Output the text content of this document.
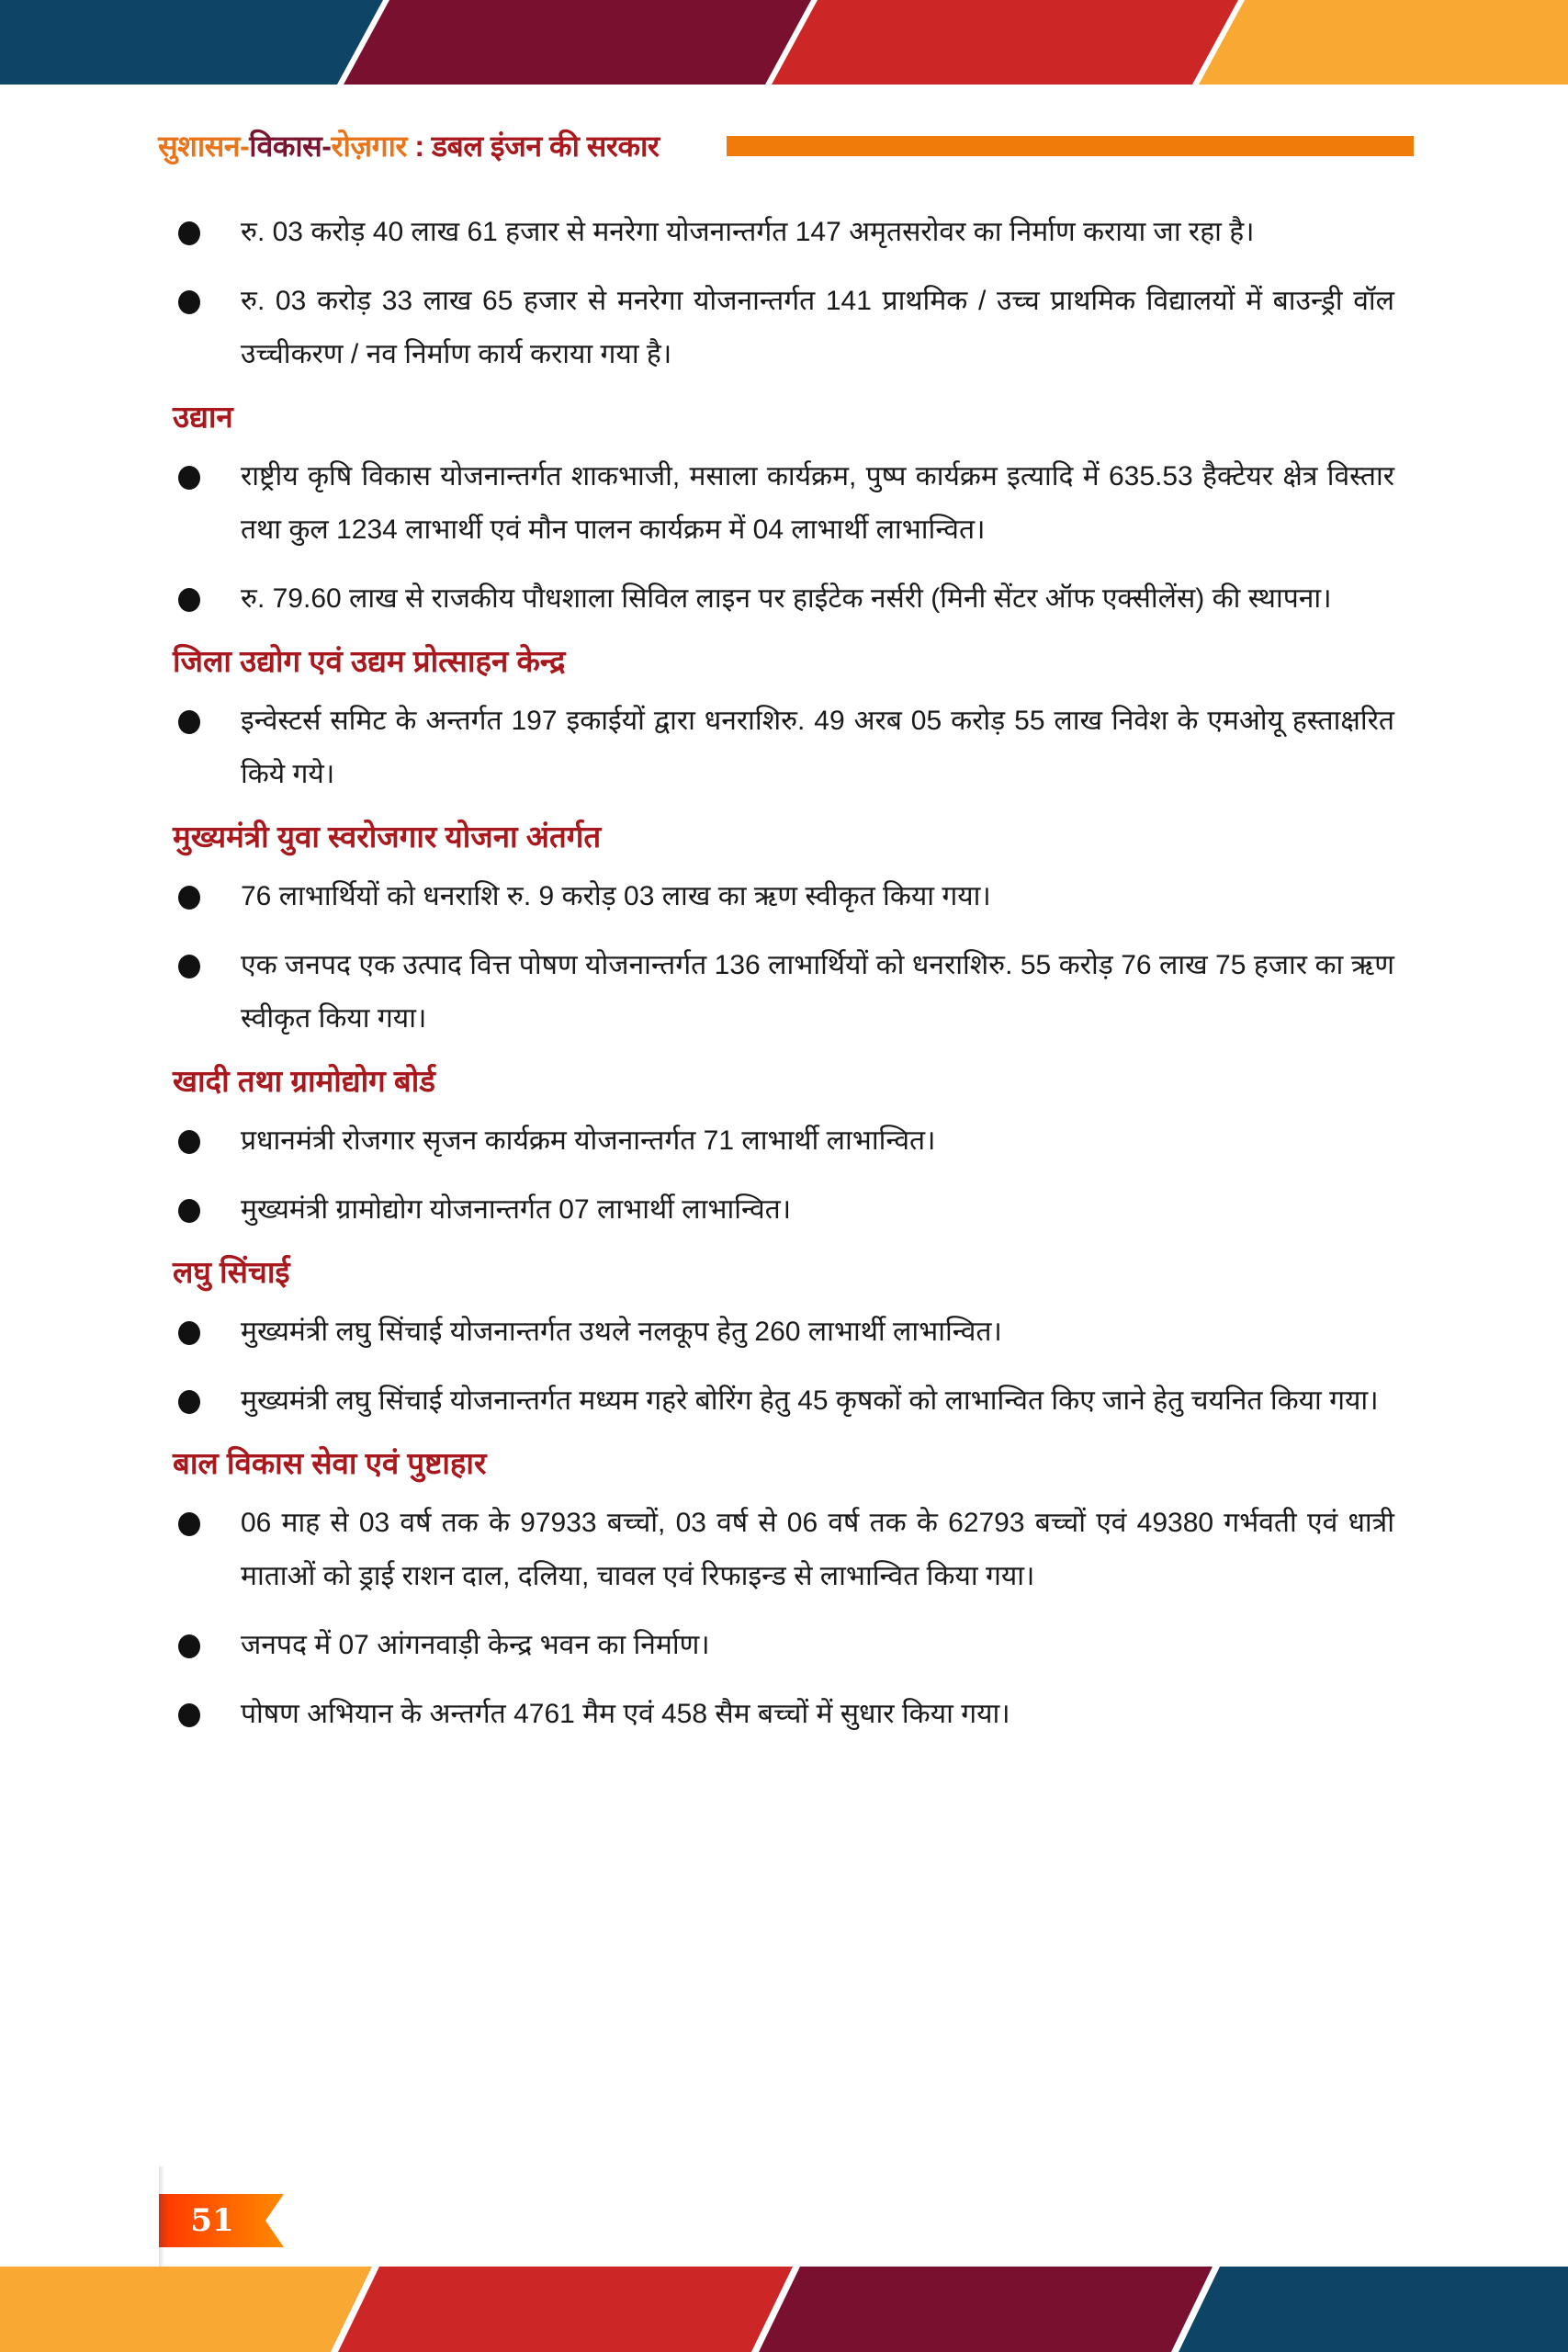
सुशासन-विकास-रोज़गार : डबल इंजन की सरकार
रु. 03 करोड़ 40 लाख 61 हजार से मनरेगा योजनान्तर्गत 147 अमृतसरोवर का निर्माण कराया जा रहा है।
रु. 03 करोड़ 33 लाख 65 हजार से मनरेगा योजनान्तर्गत 141 प्राथमिक / उच्च प्राथमिक विद्यालयों में बाउन्ड्री वॉल उच्चीकरण / नव निर्माण कार्य कराया गया है।
उद्यान
राष्ट्रीय कृषि विकास योजनान्तर्गत शाकभाजी, मसाला कार्यक्रम, पुष्प कार्यक्रम इत्यादि में 635.53 हैक्टेयर क्षेत्र विस्तार तथा कुल 1234 लाभार्थी एवं मौन पालन कार्यक्रम में 04 लाभार्थी लाभान्वित।
रु. 79.60 लाख से राजकीय पौधशाला सिविल लाइन पर हाईटेक नर्सरी (मिनी सेंटर ऑफ एक्सीलेंस) की स्थापना।
जिला उद्योग एवं उद्यम प्रोत्साहन केन्द्र
इन्वेस्टर्स समिट के अन्तर्गत 197 इकाईयों द्वारा धनराशिरु. 49 अरब 05 करोड़ 55 लाख निवेश के एमओयू हस्ताक्षरित किये गये।
मुख्यमंत्री युवा स्वरोजगार योजना अंतर्गत
76 लाभार्थियों को धनराशि रु. 9 करोड़ 03 लाख का ऋण स्वीकृत किया गया।
एक जनपद एक उत्पाद वित्त पोषण योजनान्तर्गत 136 लाभार्थियों को धनराशिरु. 55 करोड़ 76 लाख 75 हजार का ऋण स्वीकृत किया गया।
खादी तथा ग्रामोद्योग बोर्ड
प्रधानमंत्री रोजगार सृजन कार्यक्रम योजनान्तर्गत 71 लाभार्थी लाभान्वित।
मुख्यमंत्री ग्रामोद्योग योजनान्तर्गत 07 लाभार्थी लाभान्वित।
लघु सिंचाई
मुख्यमंत्री लघु सिंचाई योजनान्तर्गत उथले नलकूप हेतु 260 लाभार्थी लाभान्वित।
मुख्यमंत्री लघु सिंचाई योजनान्तर्गत मध्यम गहरे बोरिंग हेतु 45 कृषकों को लाभान्वित किए जाने हेतु चयनित किया गया।
बाल विकास सेवा एवं पुष्टाहार
06 माह से 03 वर्ष तक के 97933 बच्चों, 03 वर्ष से 06 वर्ष तक के 62793 बच्चों एवं 49380 गर्भवती एवं धात्री माताओं को ड्राई राशन दाल, दलिया, चावल एवं रिफाइन्ड से लाभान्वित किया गया।
जनपद में 07 आंगनवाड़ी केन्द्र भवन का निर्माण।
पोषण अभियान के अन्तर्गत 4761 मैम एवं 458 सैम बच्चों में सुधार किया गया।
51
